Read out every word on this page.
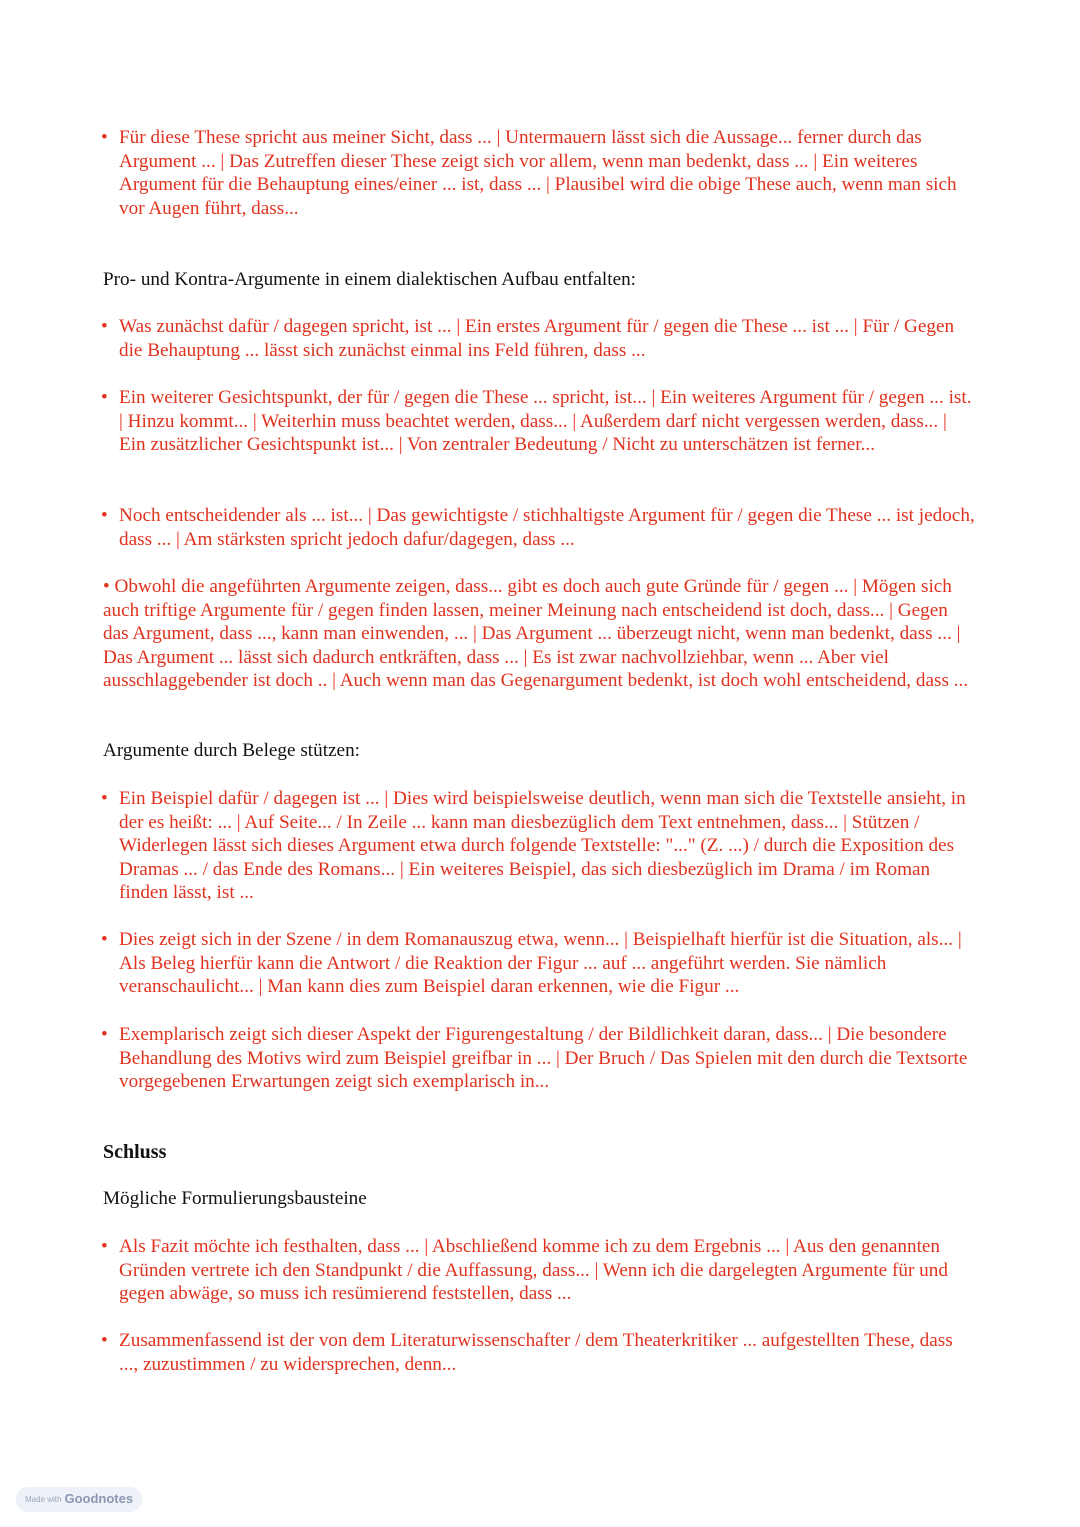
• Für diese These spricht aus meiner Sicht, dass ... | Untermauern lässt sich die Aussage... ferner durch das Argument ... | Das Zutreffen dieser These zeigt sich vor allem, wenn man bedenkt, dass ... | Ein weiteres Argument für die Behauptung eines/einer ... ist, dass ... | Plausibel wird die obige These auch, wenn man sich vor Augen führt, dass...
Pro- und Kontra-Argumente in einem dialektischen Aufbau entfalten:
• Was zunächst dafür / dagegen spricht, ist ... | Ein erstes Argument für / gegen die These ... ist ... | Für / Gegen die Behauptung ... lässt sich zunächst einmal ins Feld führen, dass ...
• Ein weiterer Gesichtspunkt, der für / gegen die These ... spricht, ist... | Ein weiteres Argument für / gegen ... ist. | Hinzu kommt... | Weiterhin muss beachtet werden, dass... | Außerdem darf nicht vergessen werden, dass... | Ein zusätzlicher Gesichtspunkt ist... | Von zentraler Bedeutung / Nicht zu unterschätzen ist ferner...
• Noch entscheidender als ... ist... | Das gewichtigste / stichhaltigste Argument für / gegen die These ... ist jedoch, dass ... | Am stärksten spricht jedoch dafur/dagegen, dass ...
• Obwohl die angeführten Argumente zeigen, dass... gibt es doch auch gute Gründe für / gegen ... | Mögen sich auch triftige Argumente für / gegen finden lassen, meiner Meinung nach entscheidend ist doch, dass... | Gegen das Argument, dass ..., kann man einwenden, ... | Das Argument ... überzeugt nicht, wenn man bedenkt, dass ... | Das Argument ... lässt sich dadurch entkräften, dass ... | Es ist zwar nachvollziehbar, wenn ... Aber viel ausschlaggebender ist doch .. | Auch wenn man das Gegenargument bedenkt, ist doch wohl entscheidend, dass ...
Argumente durch Belege stützen:
• Ein Beispiel dafür / dagegen ist ... | Dies wird beispielsweise deutlich, wenn man sich die Textstelle ansieht, in der es heißt: ... | Auf Seite... / In Zeile ... kann man diesbezüglich dem Text entnehmen, dass... | Stützen / Widerlegen lässt sich dieses Argument etwa durch folgende Textstelle: "..." (Z. ...) / durch die Exposition des Dramas ... / das Ende des Romans... | Ein weiteres Beispiel, das sich diesbezüglich im Drama / im Roman finden lässt, ist ...
• Dies zeigt sich in der Szene / in dem Romanauszug etwa, wenn... | Beispielhaft hierfür ist die Situation, als... | Als Beleg hierfür kann die Antwort / die Reaktion der Figur ... auf ... angeführt werden. Sie nämlich veranschaulicht... | Man kann dies zum Beispiel daran erkennen, wie die Figur ...
• Exemplarisch zeigt sich dieser Aspekt der Figurengestaltung / der Bildlichkeit daran, dass... | Die besondere Behandlung des Motivs wird zum Beispiel greifbar in ... | Der Bruch / Das Spielen mit den durch die Textsorte vorgegebenen Erwartungen zeigt sich exemplarisch in...
Schluss
Mögliche Formulierungsbausteine
• Als Fazit möchte ich festhalten, dass ... | Abschließend komme ich zu dem Ergebnis ... | Aus den genannten Gründen vertrete ich den Standpunkt / die Auffassung, dass... | Wenn ich die dargelegten Argumente für und gegen abwäge, so muss ich resümierend feststellen, dass ...
• Zusammenfassend ist der von dem Literaturwissenschafter / dem Theaterkritiker ... aufgestellten These, dass ..., zuzustimmen / zu widersprechen, denn...
Made with Goodnotes
